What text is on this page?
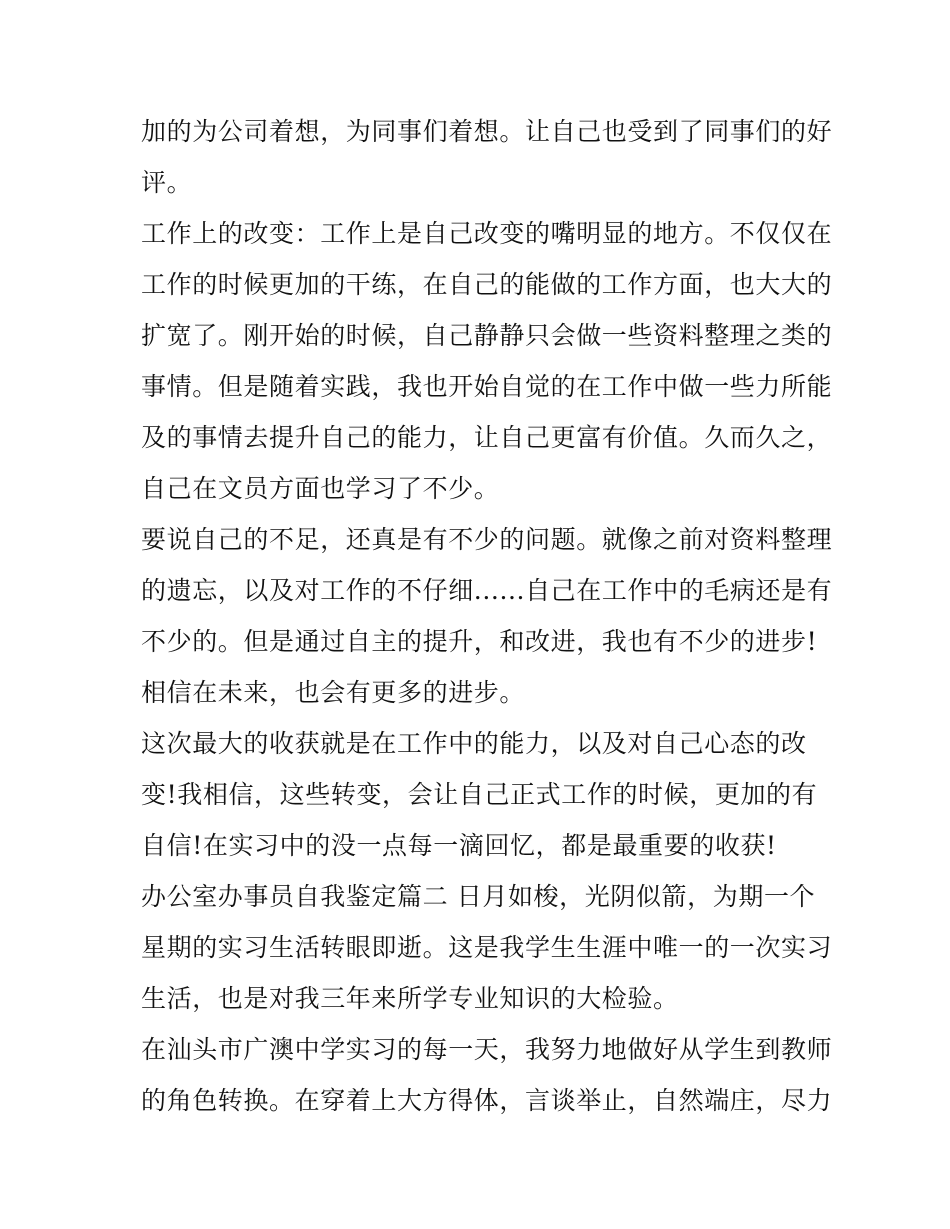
加的为公司着想，为同事们着想。让自己也受到了同事们的好
评。
工作上的改变：工作上是自己改变的嘴明显的地方。不仅仅在
工作的时候更加的干练，在自己的能做的工作方面，也大大的
扩宽了。刚开始的时候，自己静静只会做一些资料整理之类的
事情。但是随着实践，我也开始自觉的在工作中做一些力所能
及的事情去提升自己的能力，让自己更富有价值。久而久之，
自己在文员方面也学习了不少。
要说自己的不足，还真是有不少的问题。就像之前对资料整理
的遗忘，以及对工作的不仔细......自己在工作中的毛病还是有
不少的。但是通过自主的提升，和改进，我也有不少的进步!
相信在未来，也会有更多的进步。
这次最大的收获就是在工作中的能力，以及对自己心态的改
变!我相信，这些转变，会让自己正式工作的时候，更加的有
自信!在实习中的没一点每一滴回忆，都是最重要的收获!
办公室办事员自我鉴定篇二 日月如梭，光阴似箭，为期一个
星期的实习生活转眼即逝。这是我学生生涯中唯一的一次实习
生活，也是对我三年来所学专业知识的大检验。
在汕头市广澳中学实习的每一天，我努力地做好从学生到教师
的角色转换。在穿着上大方得体，言谈举止，自然端庄，尽力
